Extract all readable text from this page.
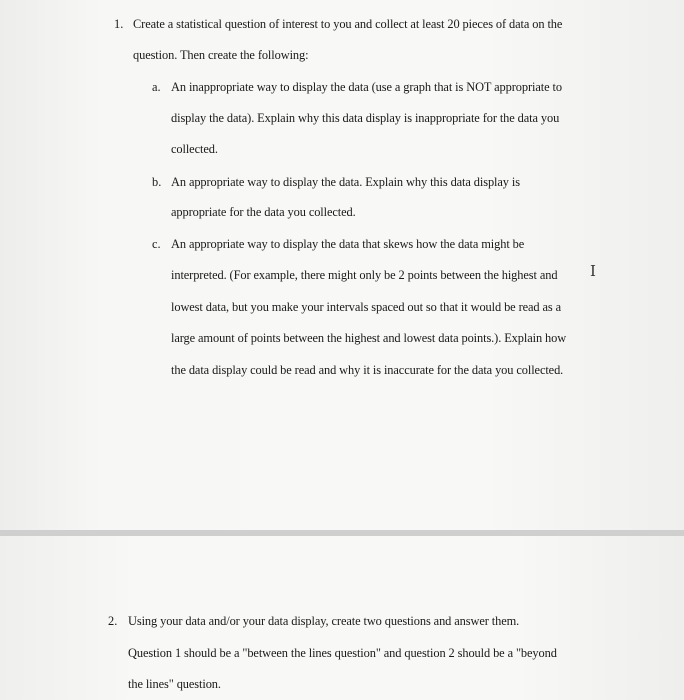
1. Create a statistical question of interest to you and collect at least 20 pieces of data on the
question. Then create the following:
a. An inappropriate way to display the data (use a graph that is NOT appropriate to
display the data). Explain why this data display is inappropriate for the data you
collected.
b. An appropriate way to display the data. Explain why this data display is
appropriate for the data you collected.
c. An appropriate way to display the data that skews how the data might be
interpreted. (For example, there might only be 2 points between the highest and
lowest data, but you make your intervals spaced out so that it would be read as a
large amount of points between the highest and lowest data points.). Explain how
the data display could be read and why it is inaccurate for the data you collected.
I
2. Using your data and/or your data display, create two questions and answer them.
Question 1 should be a "between the lines question" and question 2 should be a "beyond
the lines" question.
